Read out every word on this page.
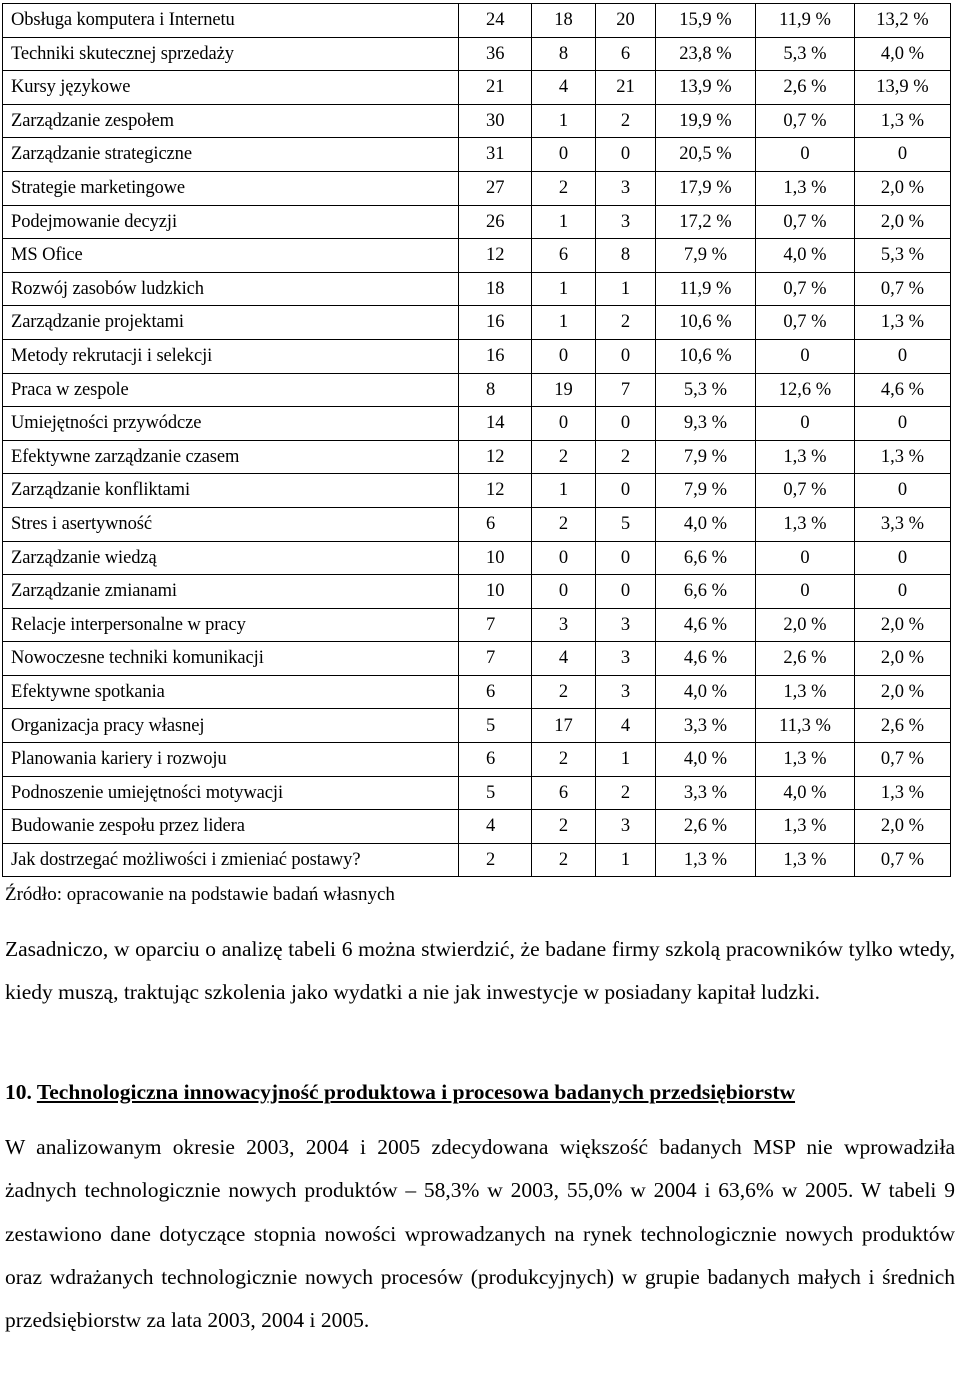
Obsługa komputera i Internetu	24	18	20	15,9 %	11,9 %	13,2 %
Techniki skutecznej sprzedaży	36	8	6	23,8 %	5,3 %	4,0 %
Kursy językowe	21	4	21	13,9 %	2,6 %	13,9 %
Zarządzanie zespołem	30	1	2	19,9 %	0,7 %	1,3 %
Zarządzanie strategiczne	31	0	0	20,5 %	0	0
Strategie marketingowe	27	2	3	17,9 %	1,3 %	2,0 %
Podejmowanie decyzji	26	1	3	17,2 %	0,7 %	2,0 %
MS Ofice	12	6	8	7,9 %	4,0 %	5,3 %
Rozwój zasobów ludzkich	18	1	1	11,9 %	0,7 %	0,7 %
Zarządzanie projektami	16	1	2	10,6 %	0,7 %	1,3 %
Metody rekrutacji i selekcji	16	0	0	10,6 %	0	0
Praca w zespole	8	19	7	5,3 %	12,6 %	4,6 %
Umiejętności przywódcze	14	0	0	9,3 %	0	0
Efektywne zarządzanie czasem	12	2	2	7,9 %	1,3 %	1,3 %
Zarządzanie konfliktami	12	1	0	7,9 %	0,7 %	0
Stres i asertywność	6	2	5	4,0 %	1,3 %	3,3 %
Zarządzanie wiedzą	10	0	0	6,6 %	0	0
Zarządzanie zmianami	10	0	0	6,6 %	0	0
Relacje interpersonalne w pracy	7	3	3	4,6 %	2,0 %	2,0 %
Nowoczesne techniki komunikacji	7	4	3	4,6 %	2,6 %	2,0 %
Efektywne spotkania	6	2	3	4,0 %	1,3 %	2,0 %
Organizacja pracy własnej	5	17	4	3,3 %	11,3 %	2,6 %
Planowania kariery i rozwoju	6	2	1	4,0 %	1,3 %	0,7 %
Podnoszenie umiejętności motywacji	5	6	2	3,3 %	4,0 %	1,3 %
Budowanie zespołu przez lidera	4	2	3	2,6 %	1,3 %	2,0 %
Jak dostrzegać możliwości i zmieniać postawy?	2	2	1	1,3 %	1,3 %	0,7 %
Źródło: opracowanie na podstawie badań własnych

Zasadniczo, w oparciu o analizę tabeli 6 można stwierdzić, że badane firmy szkolą pracowników tylko wtedy, kiedy muszą, traktując szkolenia jako wydatki a nie jak inwestycje w posiadany kapitał ludzki.

10. Technologiczna innowacyjność produktowa i procesowa badanych przedsiębiorstw

W analizowanym okresie 2003, 2004 i 2005 zdecydowana większość badanych MSP nie wprowadziła żadnych technologicznie nowych produktów – 58,3% w 2003, 55,0% w 2004 i 63,6% w 2005. W tabeli 9 zestawiono dane dotyczące stopnia nowości wprowadzanych na rynek technologicznie nowych produktów oraz wdrażanych technologicznie nowych procesów (produkcyjnych) w grupie badanych małych i średnich przedsiębiorstw za lata 2003, 2004 i 2005.
